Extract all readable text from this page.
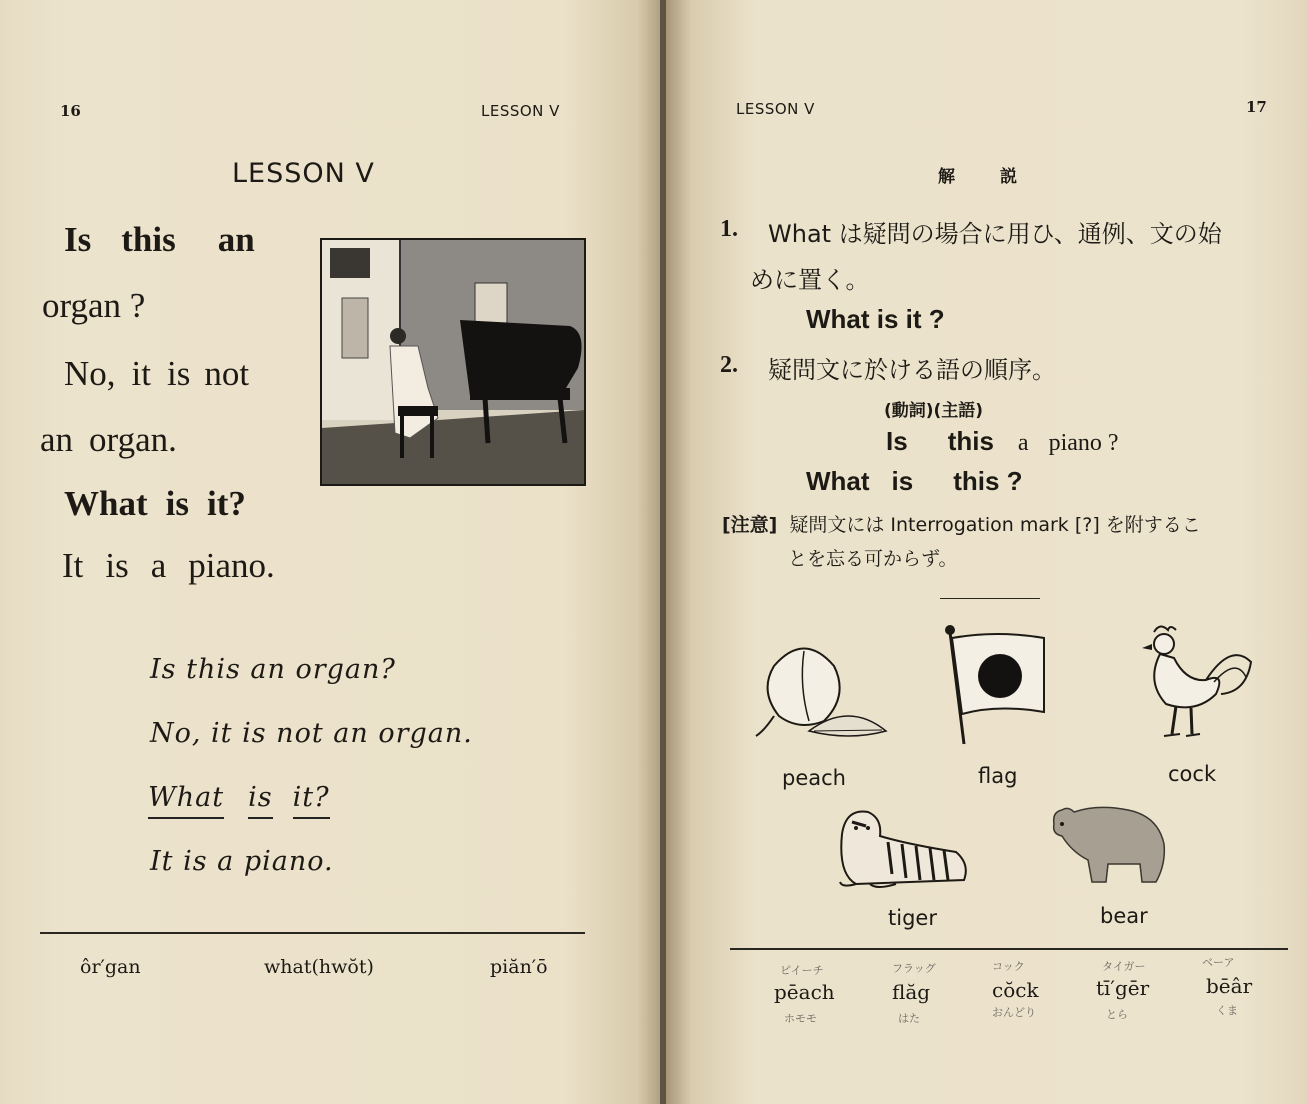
16	LESSON V
LESSON V
Is this an
organ ?
No, it is not
an organ.
What is it?
It is a piano.
Is this an organ?
No, it is not an organ.
What is it?
It is a piano.
ôr′gan	what(hwŏt)	piăn′ō
LESSON V	17
解　説
1. What は疑問の場合に用ひ、通例、文の始
めに置く。
What is it ?
2. 疑問文に於ける語の順序。
(動詞)(主語)
Is this a piano ?
What is this ?
[注意] 疑問文には Interrogation mark [?] を附するこ
とを忘る可からず。
peach	flag	cock
tiger	bear
ピイーチ	フラッグ	コック	タイガー	ベーア
pēach	flăg	cŏck	tī′gēr	bēâr
ホモモ	はた	おんどり	とら	くま
